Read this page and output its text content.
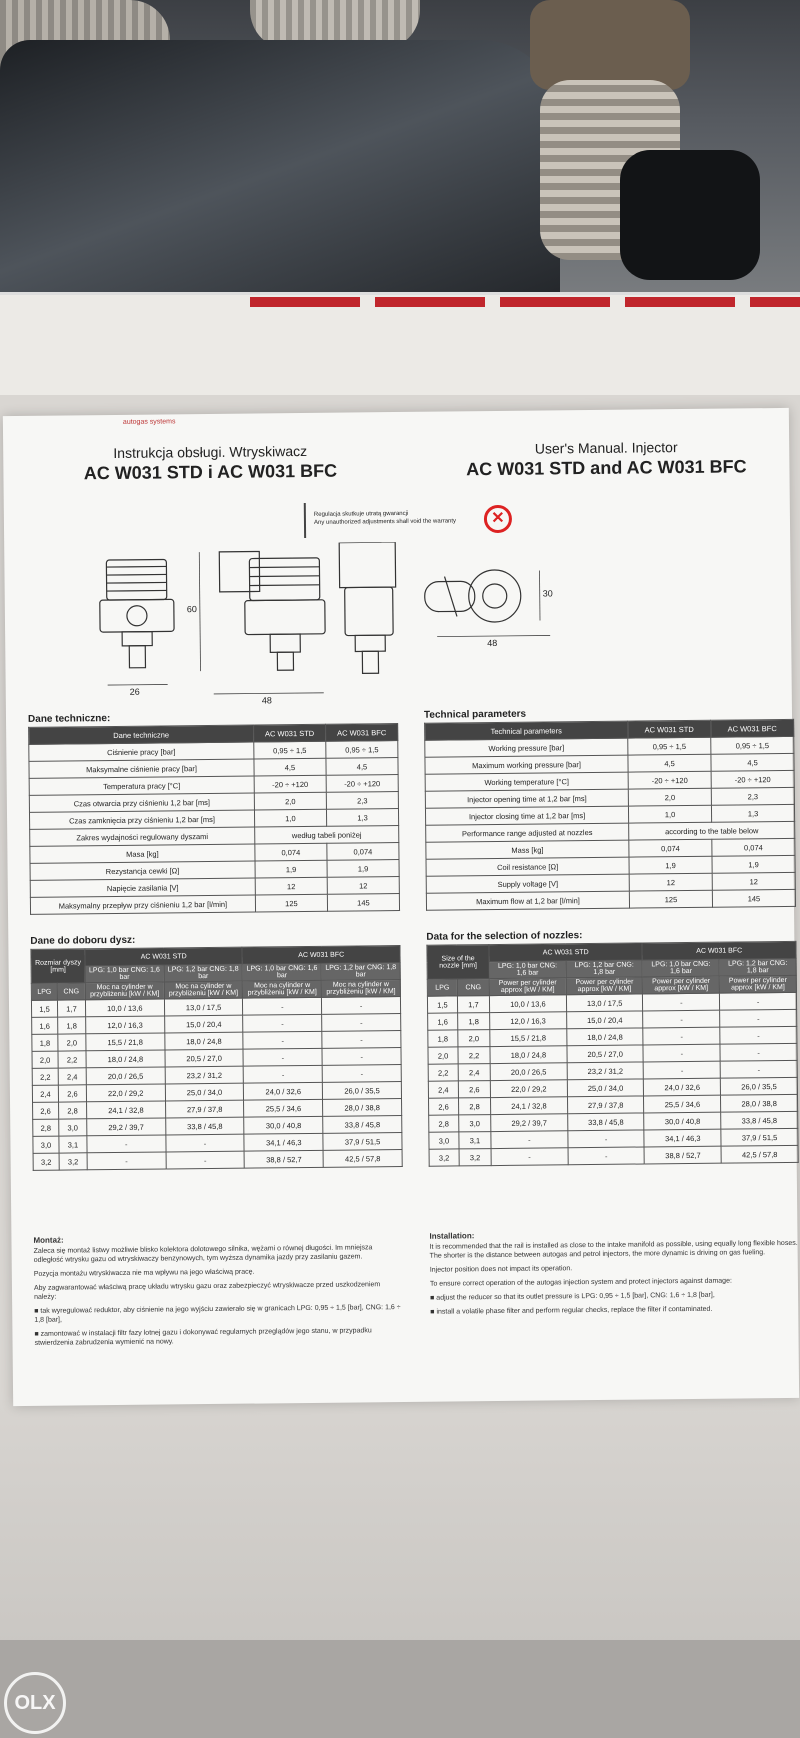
autogas systems
Instrukcja obsługi. Wtryskiwacz
AC W031 STD i AC W031 BFC
User's Manual. Injector
AC W031 STD and AC W031 BFC
Regulacja skutkuje utratą gwarancji
Any unauthorized adjustments shall void the warranty	✕
26
48
60
48
30
Dane techniczne:
Dane techniczne	AC W031 STD	AC W031 BFC
Ciśnienie pracy [bar]	0,95 ÷ 1,5	0,95 ÷ 1,5
Maksymalne ciśnienie pracy [bar]	4,5	4,5
Temperatura pracy [°C]	-20 ÷ +120	-20 ÷ +120
Czas otwarcia przy ciśnieniu 1,2 bar [ms]	2,0	2,3
Czas zamknięcia przy ciśnieniu 1,2 bar [ms]	1,0	1,3
Zakres wydajności regulowany dyszami	według tabeli poniżej	
Masa [kg]	0,074	0,074
Rezystancja cewki [Ω]	1,9	1,9
Napięcie zasilania [V]	12	12
Maksymalny przepływ przy ciśnieniu 1,2 bar [l/min]	125	145
Technical parameters
Technical parameters	AC W031 STD	AC W031 BFC
Working pressure [bar]	0,95 ÷ 1,5	0,95 ÷ 1,5
Maximum working pressure [bar]	4,5	4,5
Working temperature [°C]	-20 ÷ +120	-20 ÷ +120
Injector opening time at 1,2 bar [ms]	2,0	2,3
Injector closing time at 1,2 bar [ms]	1,0	1,3
Performance range adjusted at nozzles	according to the table below	
Mass [kg]	0,074	0,074
Coil resistance [Ω]	1,9	1,9
Supply voltage [V]	12	12
Maximum flow at 1,2 bar [l/min]	125	145
Dane do doboru dysz:
Rozmiar dyszy [mm]		AC W031 STD		AC W031 BFC	
		LPG: 1,0 bar CNG: 1,6 bar	LPG: 1,2 bar CNG: 1,8 bar	LPG: 1,0 bar CNG: 1,6 bar	LPG: 1,2 bar CNG: 1,8 bar
LPG	CNG	Moc na cylinder w przybliżeniu [kW / KM]	Moc na cylinder w przybliżeniu [kW / KM]	Moc na cylinder w przybliżeniu [kW / KM]	Moc na cylinder w przybliżeniu [kW / KM]
1,5	1,7	10,0 / 13,6	13,0 / 17,5	-	-
1,6	1,8	12,0 / 16,3	15,0 / 20,4	-	-
1,8	2,0	15,5 / 21,8	18,0 / 24,8	-	-
2,0	2,2	18,0 / 24,8	20,5 / 27,0	-	-
2,2	2,4	20,0 / 26,5	23,2 / 31,2	-	-
2,4	2,6	22,0 / 29,2	25,0 / 34,0	24,0 / 32,6	26,0 / 35,5
2,6	2,8	24,1 / 32,8	27,9 / 37,8	25,5 / 34,6	28,0 / 38,8
2,8	3,0	29,2 / 39,7	33,8 / 45,8	30,0 / 40,8	33,8 / 45,8
3,0	3,1	-	-	34,1 / 46,3	37,9 / 51,5
3,2	3,2	-	-	38,8 / 52,7	42,5 / 57,8
Data for the selection of nozzles:
Size of the nozzle [mm]		AC W031 STD		AC W031 BFC	
		LPG: 1,0 bar CNG: 1,6 bar	LPG: 1,2 bar CNG: 1,8 bar	LPG: 1,0 bar CNG: 1,6 bar	LPG: 1,2 bar CNG: 1,8 bar
LPG	CNG	Power per cylinder approx [kW / KM]	Power per cylinder approx [kW / KM]	Power per cylinder approx [kW / KM]	Power per cylinder approx [kW / KM]
1,5	1,7	10,0 / 13,6	13,0 / 17,5	-	-
1,6	1,8	12,0 / 16,3	15,0 / 20,4	-	-
1,8	2,0	15,5 / 21,8	18,0 / 24,8	-	-
2,0	2,2	18,0 / 24,8	20,5 / 27,0	-	-
2,2	2,4	20,0 / 26,5	23,2 / 31,2	-	-
2,4	2,6	22,0 / 29,2	25,0 / 34,0	24,0 / 32,6	26,0 / 35,5
2,6	2,8	24,1 / 32,8	27,9 / 37,8	25,5 / 34,6	28,0 / 38,8
2,8	3,0	29,2 / 39,7	33,8 / 45,8	30,0 / 40,8	33,8 / 45,8
3,0	3,1	-	-	34,1 / 46,3	37,9 / 51,5
3,2	3,2	-	-	38,8 / 52,7	42,5 / 57,8
Montaż:

Zaleca się montaż listwy możliwie blisko kolektora dolotowego silnika, wężami o równej długości. Im mniejsza odległość wtrysku gazu od wtryskiwaczy benzynowych, tym wyższa dynamika jazdy przy zasilaniu gazem.

Pozycja montażu wtryskiwacza nie ma wpływu na jego właściwą pracę.

Aby zagwarantować właściwą pracę układu wtrysku gazu oraz zabezpieczyć wtryskiwacze przed uszkodzeniem należy:

■ tak wyregulować reduktor, aby ciśnienie na jego wyjściu zawierało się w granicach LPG: 0,95 ÷ 1,5 [bar], CNG: 1,6 ÷ 1,8 [bar],

■ zamontować w instalacji filtr fazy lotnej gazu i dokonywać regularnych przeglądów jego stanu, w przypadku stwierdzenia zabrudzenia wymienić na nowy.

Installation:

It is recommended that the rail is installed as close to the intake manifold as possible, using equally long flexible hoses. The shorter is the distance between autogas and petrol injectors, the more dynamic is driving on gas fueling.

Injector position does not impact its operation.

To ensure correct operation of the autogas injection system and protect injectors against damage:

■ adjust the reducer so that its outlet pressure is LPG: 0,95 ÷ 1,5 [bar], CNG: 1,6 ÷ 1,8 [bar],

■ install a volatile phase filter and perform regular checks, replace the filter if contaminated.

OLX
